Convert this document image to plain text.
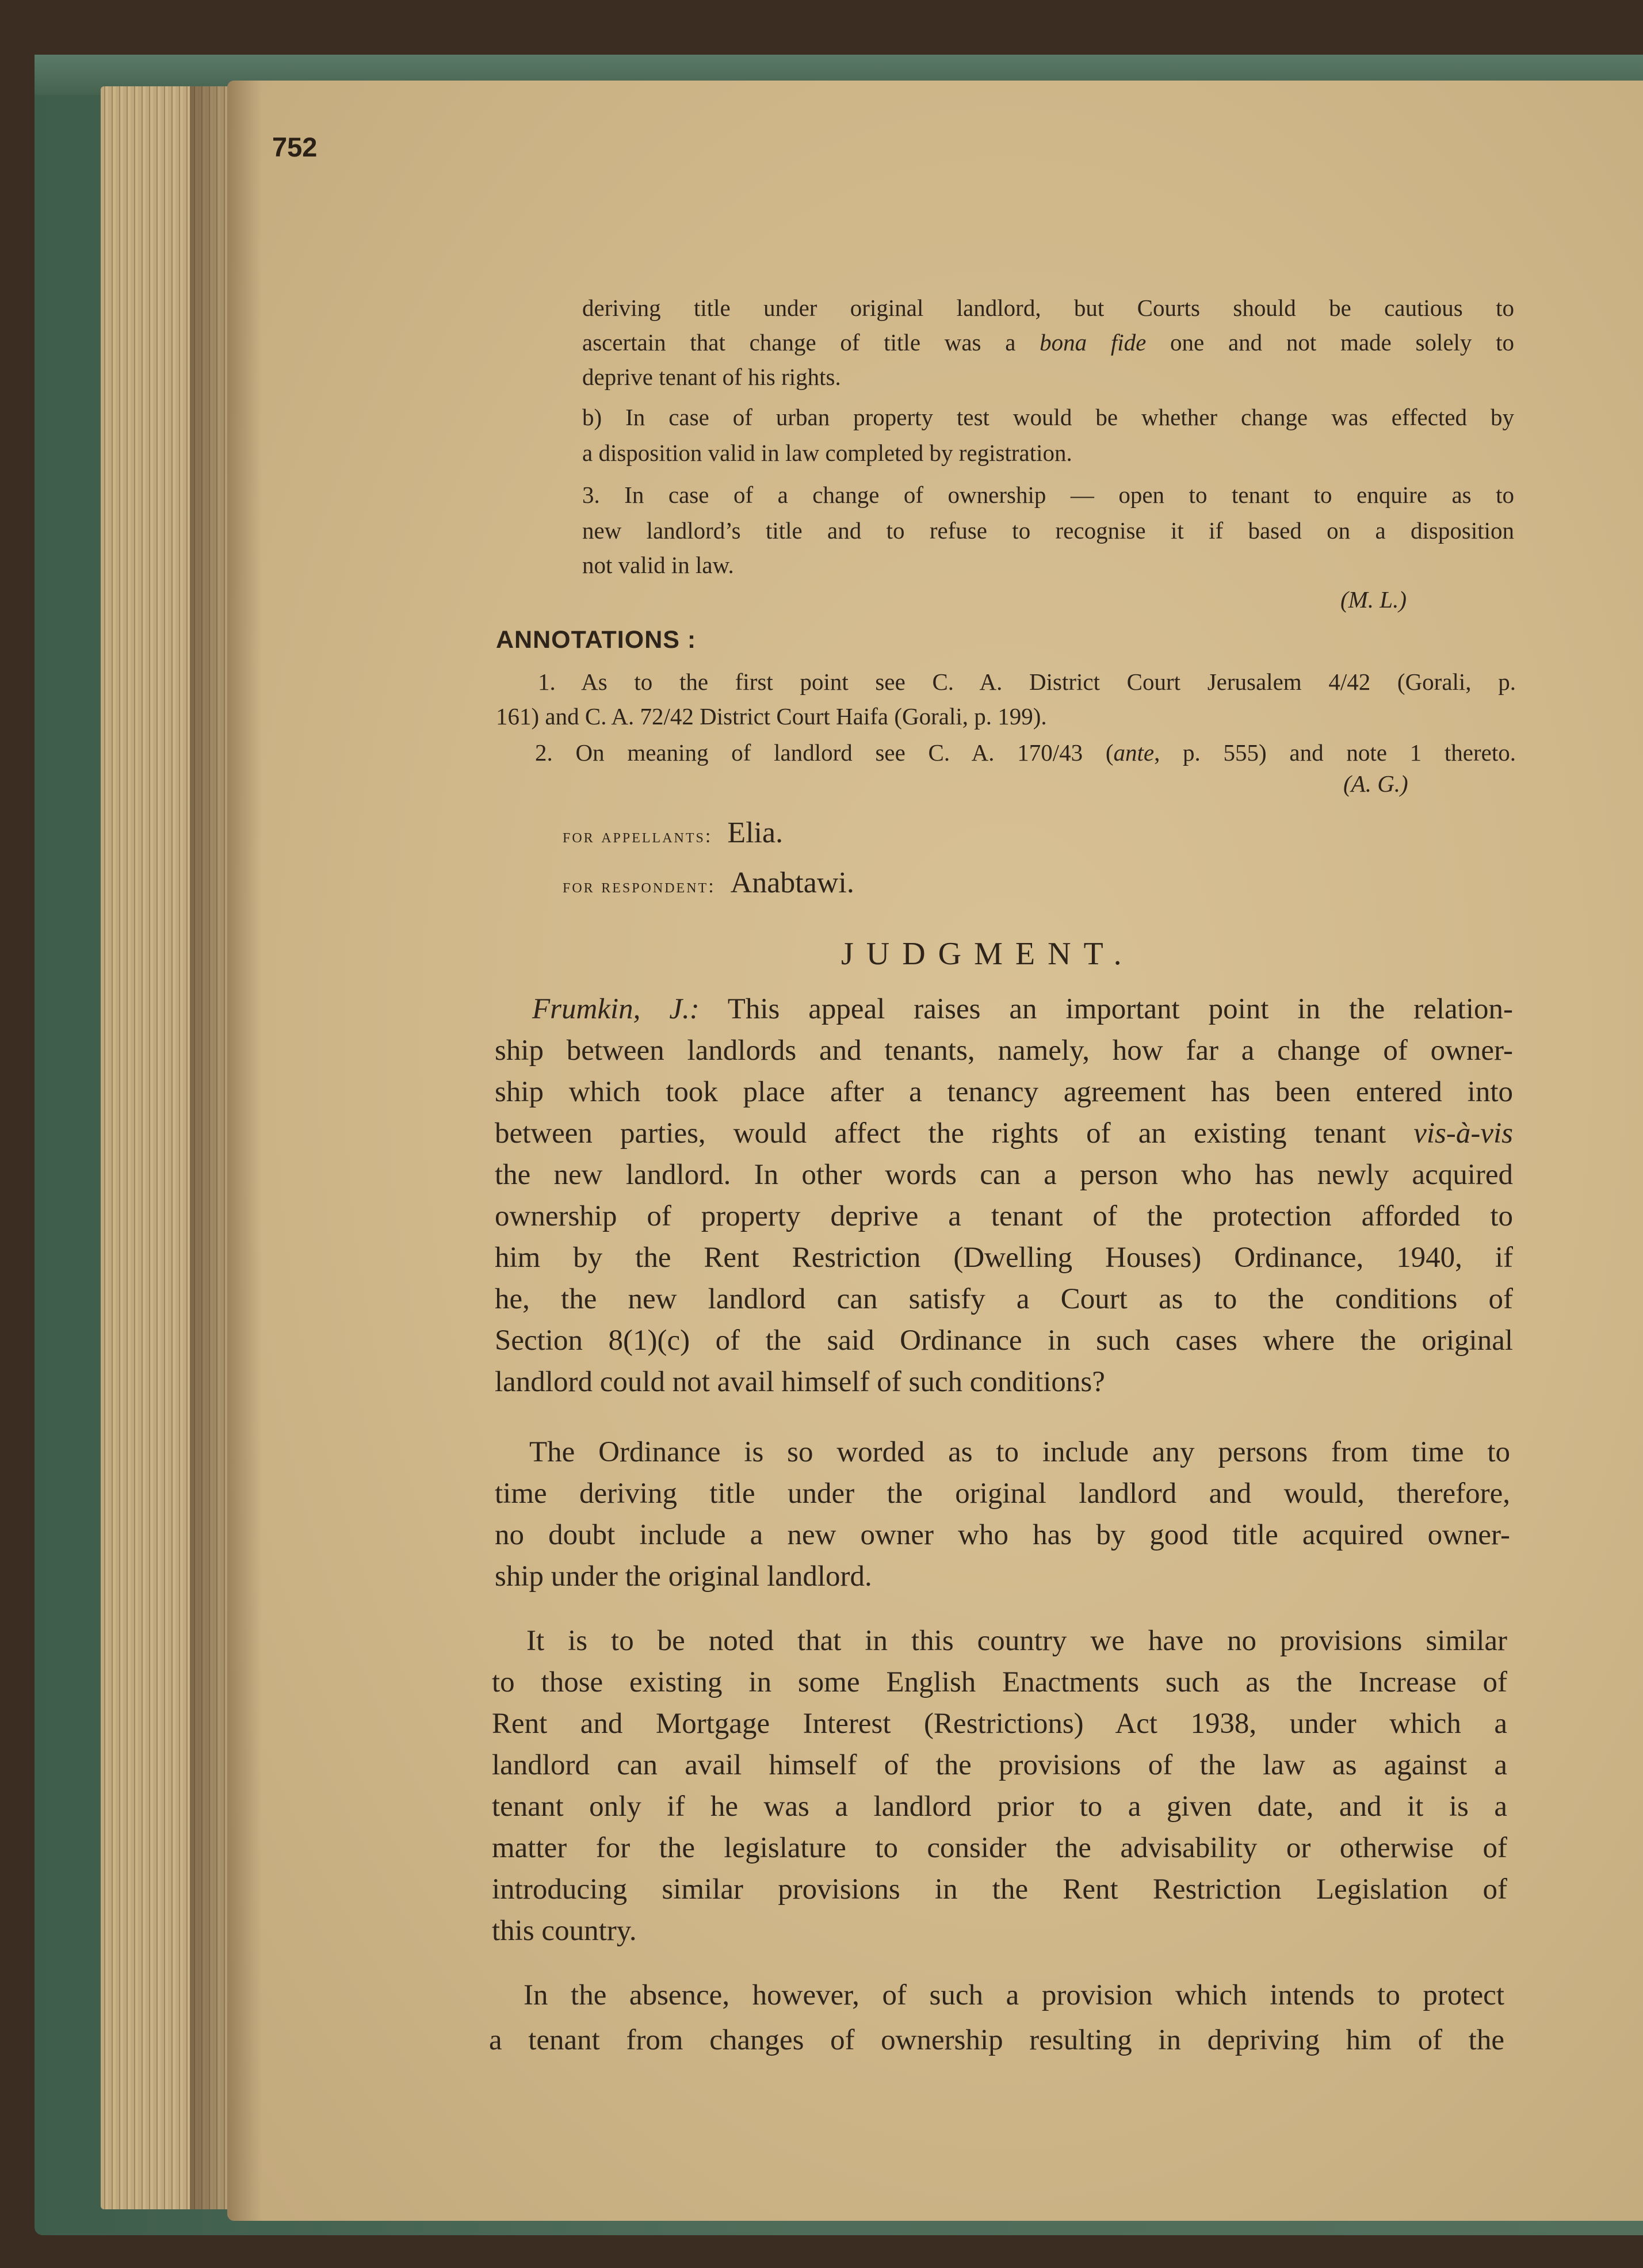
752

deriving title under original landlord, but Courts should be cautious to

ascertain that change of title was a bona fide one and not made solely to

deprive tenant of his rights.

b) In case of urban property test would be whether change was effected by

a disposition valid in law completed by registration.

3. In case of a change of ownership — open to tenant to enquire as to

new landlord’s title and to refuse to recognise it if based on a disposition

not valid in law.

(M. L.)
ANNOTATIONS :

1. As to the first point see C. A. District Court Jerusalem 4/42 (Gorali, p.

161) and C. A. 72/42 District Court Haifa (Gorali, p. 199).

2. On meaning of landlord see C. A. 170/43 (ante, p. 555) and note 1 thereto.

(A. G.)
for appellants: Elia.
for respondent: Anabtawi.
JUDGMENT.

Frumkin, J.: This appeal raises an important point in the relation-

ship between landlords and tenants, namely, how far a change of owner-

ship which took place after a tenancy agreement has been entered into

between parties, would affect the rights of an existing tenant vis-à-vis

the new landlord. In other words can a person who has newly acquired

ownership of property deprive a tenant of the protection afforded to

him by the Rent Restriction (Dwelling Houses) Ordinance, 1940, if

he, the new landlord can satisfy a Court as to the conditions of

Section 8(1)(c) of the said Ordinance in such cases where the original

landlord could not avail himself of such conditions?

The Ordinance is so worded as to include any persons from time to

time deriving title under the original landlord and would, therefore,

no doubt include a new owner who has by good title acquired owner-

ship under the original landlord.

It is to be noted that in this country we have no provisions similar

to those existing in some English Enactments such as the Increase of

Rent and Mortgage Interest (Restrictions) Act 1938, under which a

landlord can avail himself of the provisions of the law as against a

tenant only if he was a landlord prior to a given date, and it is a

matter for the legislature to consider the advisability or otherwise of

introducing similar provisions in the Rent Restriction Legislation of

this country.

In the absence, however, of such a provision which intends to protect

a tenant from changes of ownership resulting in depriving him of the
